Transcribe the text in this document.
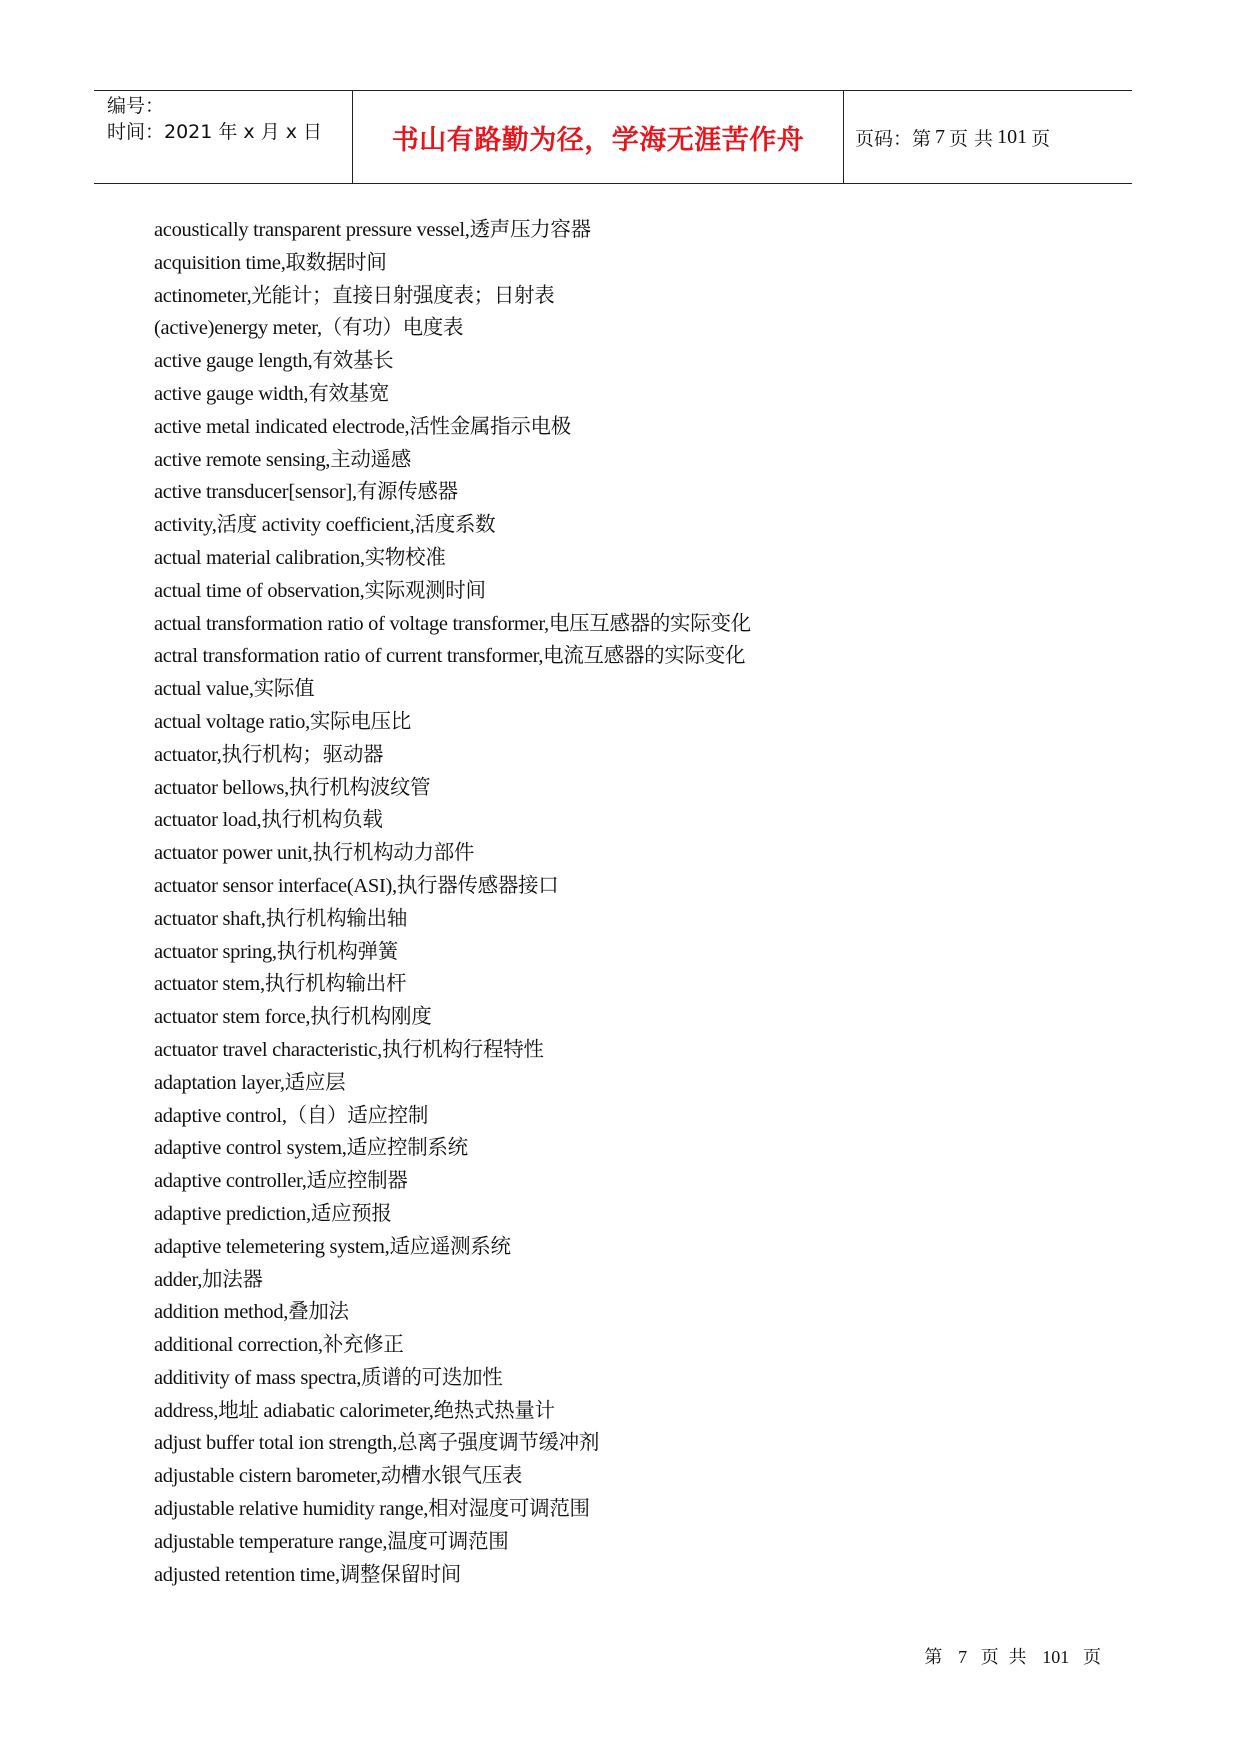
编号：
时间：2021 年 x 月 x 日	书山有路勤为径，学海无涯苦作舟	页码：第 7 页 共 101 页
acoustically transparent pressure vessel,透声压力容器
acquisition time,取数据时间
actinometer,光能计；直接日射强度表；日射表
(active)energy meter,（有功）电度表
active gauge length,有效基长
active gauge width,有效基宽
active metal indicated electrode,活性金属指示电极
active remote sensing,主动遥感
active transducer[sensor],有源传感器
activity,活度 activity coefficient,活度系数
actual material calibration,实物校准
actual time of observation,实际观测时间
actual transformation ratio of voltage transformer,电压互感器的实际变化
actral transformation ratio of current transformer,电流互感器的实际变化
actual value,实际值
actual voltage ratio,实际电压比
actuator,执行机构；驱动器
actuator bellows,执行机构波纹管
actuator load,执行机构负载
actuator power unit,执行机构动力部件
actuator sensor interface(ASI),执行器传感器接口
actuator shaft,执行机构输出轴
actuator spring,执行机构弹簧
actuator stem,执行机构输出杆
actuator stem force,执行机构刚度
actuator travel characteristic,执行机构行程特性
adaptation layer,适应层
adaptive control,（自）适应控制
adaptive control system,适应控制系统
adaptive controller,适应控制器
adaptive prediction,适应预报
adaptive telemetering system,适应遥测系统
adder,加法器
addition method,叠加法
additional correction,补充修正
additivity of mass spectra,质谱的可迭加性
address,地址 adiabatic calorimeter,绝热式热量计
adjust buffer total ion strength,总离子强度调节缓冲剂
adjustable cistern barometer,动槽水银气压表
adjustable relative humidity range,相对湿度可调范围
adjustable temperature range,温度可调范围
adjusted retention time,调整保留时间
第 7 页 共 101 页
